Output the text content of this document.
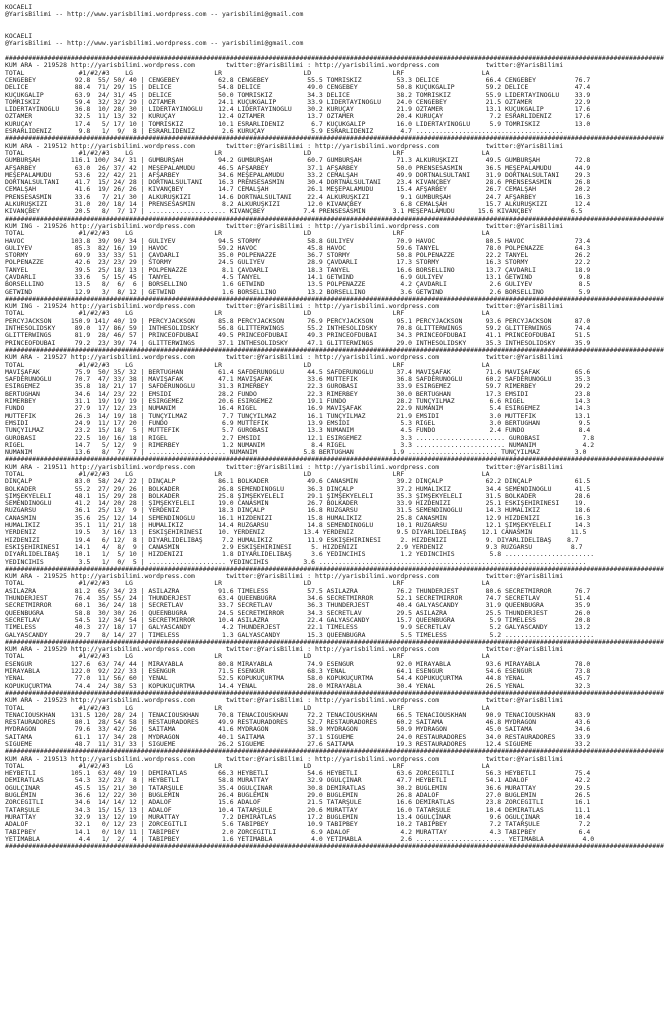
KOCAELİ
@YarisBilimi -- http://www.yarisbilimi.wordpress.com -- yarisbilimi@gmail.com
KOCAELİ
@YarisBilimi -- http://www.yarisbilimi.wordpress.com -- yarisbilimi@gmail.com
##########################################################################################################################################################################
KUM ARA - 219528 http://yarisbilimi.wordpress.com        twitter:@YarisBilimi : http://yarisbilimi.wordpress.com            twitter:@YarisBilimi
TOTAL              #1/#2/#3    LG                     LR                     LD                     LRF                    LA
CENGEBEY          92.8  55/ 50/ 40 | CENGEBEY          62.8 CENGEBEY          55.5 TOMRİSKIZ         53.3 DELİCE            66.4 CENGEBEY          76.7
DELİCE            88.4  71/ 29/ 15 | DELİCE            54.8 DELİCE            49.0 CENGEBEY          50.8 KÜÇÜKGALİP        59.2 DELİCE            47.4
KÜÇÜKGALİP        63.9  24/ 31/ 45 | DELİCE            50.0 TOMRİSKIZ         34.3 DELİCE            38.2 TOMRİSKIZ         55.9 LİDERTAYİNOĞLU    33.9
TOMRİSKIZ         59.4  32/ 32/ 29 | ÖZTAMER           24.1 KÜÇÜKGALİP        33.9 LİDERTAYİNOĞLU    24.0 CENGEBEY          21.5 ÖZTAMER           22.9
LİDERTAYİNOĞLU    36.8  10/ 28/ 30 | LİDERTAYİNOĞLU    12.4 LİDERTAYİNOĞLU    30.2 KURUÇAY           21.9 ÖZTAMER           13.1 KÜÇÜKGALİP        17.6
ÖZTAMER           32.5  11/ 13/ 32 | KURUÇAY           12.4 ÖZTAMER           13.7 ÖZTAMER           20.4 KURUÇAY            7.2 ESRARLİDENİZ      17.6
KURUÇAY           17.4   5/ 17/ 10 | TOMRİSKIZ         10.1 ESRARLİDENİZ       6.7 KÜÇÜKGALİP        16.0 LİDERTAYİNOĞLU     5.9 TOMRİSKIZ         13.0
ESRARLİDENİZ       9.8   1/  9/  8 | ESRARLİDENİZ       2.6 KURUÇAY            5.9 ESRARLİDENİZ       4.7 ......................................
##########################################################################################################################################################################
KUM ARA - 219512 http://yarisbilimi.wordpress.com        twitter:@YarisBilimi : http://yarisbilimi.wordpress.com            twitter:@YarisBilimi
TOTAL              #1/#2/#3    LG                     LR                     LD                     LRF                    LA
GÜMBÜRŞAH        116.1 100/ 34/ 31 | GÜMBÜRŞAH         94.2 GÜMBÜRŞAH         60.7 GÜMBÜRŞAH         71.3 ALKURUŞKIZI       49.5 GÜMBÜRŞAH         72.8
AFŞARBEY          63.0  26/ 37/ 42 | MEŞEPALAMUDU      46.5 AFŞARBEY          37.1 AFŞARBEY          50.0 PRENSESASMİN      36.5 MEŞEPALAMUDU      44.9
MEŞEPALAMUDU      53.6  22/ 42/ 21 | AFŞARBEY          34.6 MEŞEPALAMUDU      33.2 CEMALŞAH          49.9 DÖRTNALSULTANI    31.9 DÖRTNALSULTANI    29.3
DÖRTNALSULTANI    41.7  15/ 24/ 28 | DÖRTNALSULTANI    16.3 PRENSESASMİN      30.4 DÖRTNALSULTANI    23.4 KIVANÇBEY         28.6 PRENSESASMİN      26.8
CEMALŞAH          41.6  19/ 26/ 26 | KIVANÇBEY         14.7 CEMALŞAH          26.1 MEŞEPALAMUDU      15.4 AFŞARBEY          26.7 CEMALŞAH          20.2
PRENSESASMİN      33.6   7/ 21/ 30 | ALKURUŞKIZI       14.6 DÖRTNALSULTANI    22.4 ALKURUŞKIZI        9.1 GÜMBÜRŞAH         24.7 AFŞARBEY          16.3
ALKURUŞKIZI       31.0  20/ 18/ 14 | PRENSESASMİN       8.2 ALKURUŞKIZI       12.0 KIVANÇBEY          6.8 CEMALŞAH          15.7 ALKURUŞKIZI       12.4
KIVANÇBEY         20.5   8/  7/ 17 | .................... KIVANÇBEY          7.4 PRENSESASMİN       3.1 MEŞEPALAMUDU      15.6 KIVANÇBEY          6.5
##########################################################################################################################################################################
KUM ING - 219526 http://yarisbilimi.wordpress.com        twitter:@YarisBilimi : http://yarisbilimi.wordpress.com            twitter:@YarisBilimi
TOTAL              #1/#2/#3    LG                     LR                     LD                     LRF                    LA
HAVOC            103.8  39/ 90/ 34 | GULIYEV           94.5 STORMY            58.8 GULIYEV           70.9 HAVOC             80.5 HAVOC             73.4
GULIYEV           85.3  82/ 16/ 19 | HAVOC             59.2 HAVOC             45.8 HAVOC             59.6 TANYEL            78.0 POLPENAZZE        64.3
STORMY            69.9  33/ 33/ 51 | ÇAVDARLI          35.0 POLPENAZZE        36.7 STORMY            50.8 POLPENAZZE        22.2 TANYEL            26.2
POLPENAZZE        42.6  23/ 23/ 29 | STORMY            24.5 GULIYEV           28.9 ÇAVDARLI          17.3 STORMY            16.3 STORMY            22.2
TANYEL            39.5  25/ 18/ 13 | POLPENAZZE         8.1 ÇAVDARLI          18.3 TANYEL            16.6 BORSELLİNO        13.7 ÇAVDARLI          18.9
ÇAVDARLI          33.6   5/ 15/ 45 | TANYEL             4.5 TANYEL            14.1 GETWIND            6.9 GULIYEV           13.1 GETWIND            9.8
BORSELLİNO        13.5   8/  6/  6 | BORSELLİNO         1.6 GETWIND           13.5 POLPENAZZE         4.2 ÇAVDARLI           2.6 GULIYEV            8.5
GETWIND           12.9   3/  8/ 12 | GETWIND            1.6 BORSELLİNO        13.2 BORSELLİNO         3.6 GETWIND            2.6 BORSELLİNO         5.9
##########################################################################################################################################################################
KUM ING - 219524 http://yarisbilimi.wordpress.com        twitter:@YarisBilimi : http://yarisbilimi.wordpress.com            twitter:@YarisBilimi
TOTAL              #1/#2/#3    LG                     LR                     LD                     LRF                    LA
PERCYJACKSON     150.9 141/ 40/ 19 | PERCYJACKSON      85.8 PERCYJACKSON      76.9 PERCYJACKSON      95.1 PERCYJACKSON      93.6 PERCYJACKSON      87.0
INTHESOLIDSKY     89.0  17/ 86/ 59 | INTHESOLIDSKY     56.8 GLITTERWINGS      55.2 INTHESOLIDSKY     70.8 GLITTERWINGS      59.2 GLITTERWINGS      74.4
GLITTERWINGS      81.9  28/ 46/ 57 | PRINCEOFDUBAI     49.5 PRINCEOFDUBAI     49.3 PRINCEOFDUBAI     34.3 PRINCEOFDUBAI     41.1 PRINCEOFDUBAI     51.5
PRINCEOFDUBAI     79.2  23/ 39/ 74 | GLITTERWINGS      37.1 INTHESOLIDSKY     47.1 GLITTERWINGS      29.0 INTHESOLIDSKY     35.3 INTHESOLIDSKY     35.9
##########################################################################################################################################################################
KUM ARA - 219527 http://yarisbilimi.wordpress.com        twitter:@YarisBilimi : http://yarisbilimi.wordpress.com            twitter:@YarisBilimi
TOTAL              #1/#2/#3    LG                     LR                     LD                     LRF                    LA
MAVİŞAFAK         75.9  50/ 35/ 32 | BERTUĞHAN         61.4 SAFDERUNOĞLU      44.5 SAFDERUNOĞLU      37.4 MAVİŞAFAK         71.6 MAVİŞAFAK         65.6
SAFDERUNOĞLU      70.7  47/ 33/ 38 | MAVİŞAFAK         47.1 MAVİŞAFAK         33.6 MÜTTEFİK          36.8 SAFDERUNOĞLU      60.2 SAFDERUNOĞLU      35.3
ESİRGEMEZ         35.8  18/ 21/ 17 | SAFDERUNOĞLU      31.3 RİMERBEY          22.3 GÜROBASI          33.9 ESİRGEMEZ         59.7 RİMERBEY          29.2
BERTUĞHAN         34.6  14/ 23/ 22 | EMSİDİ            28.2 FUNDO             22.3 RİMERBEY          30.0 BERTUĞHAN         17.3 EMSİDİ            23.8
RİMERBEY          31.1  19/ 19/ 19 | ESİRGEMEZ         20.6 ESİRGEMEZ         19.1 FUNDO             28.2 TUNÇYILMAZ         6.6 RİGEL             14.3
FUNDO             27.9  17/ 12/ 23 | NUMANIM           16.4 RİGEL             16.9 MAVİŞAFAK         22.9 NUMANIM            5.4 ESİRGEMEZ         14.3
MÜTTEFİK          26.3  14/ 19/ 18 | TUNÇYILMAZ         7.7 TUNÇYILMAZ        16.1 TUNÇYILMAZ        21.9 EMSİDİ             3.0 MÜTTEFİK          13.1
EMSİDİ            24.9  11/ 17/ 20 | FUNDO              6.9 MÜTTEFİK          13.9 EMSİDİ             5.3 RİGEL              3.0 BERTUĞHAN          9.5
TUNÇYILMAZ        23.2  15/ 18/  5 | MÜTTEFİK           5.7 GÜROBASI          13.3 NUMANIM            4.5 FUNDO              2.4 FUNDO              8.4
GÜROBASI          22.5  10/ 16/ 18 | RİGEL              2.7 EMSİDİ            12.1 ESİRGEMEZ          3.3 ....................... GÜROBASI           7.8
RİGEL             14.7   5/ 12/  9 | RİMERBEY           1.2 NUMANIM            8.4 RİGEL              3.3 ....................... NUMANIM            4.2
NUMANIM           13.6   8/  7/  7 | .................... NUMANIM            5.8 BERTUĞHAN          1.9 ....................... TUNÇYILMAZ         3.0
##########################################################################################################################################################################
KUM ARA - 219511 http://yarisbilimi.wordpress.com        twitter:@YarisBilimi : http://yarisbilimi.wordpress.com            twitter:@YarisBilimi
TOTAL              #1/#2/#3    LG                     LR                     LD                     LRF                    LA
DİNÇALP           83.0  58/ 24/ 22 | DİNÇALP           86.1 BOLKADER          49.6 CANASMİN          39.2 DİNÇALP           62.2 DİNÇALP           61.5
BOLKADER          55.2  27/ 29/ 26 | BOLKADER          26.8 SEMENDİNOĞLU      36.3 DİNÇALP           37.2 HÜMALİKIZ         34.4 SEMENDİNOĞLU      41.5
ŞİMŞEKYELELİ      48.1  15/ 29/ 28 | BOLKADER          25.8 ŞİMŞEKYELELİ      29.1 ŞİMŞEKYELELİ      35.3 ŞİMŞEKYELELİ      31.5 BOLKADER          28.6
SEMENDİNOĞLU      41.2  14/ 20/ 28 | ŞİMŞEKYELELİ      19.0 CANASMİN          26.7 BOLKADER          33.9 HIZDENİZİ         25.1 ESKİŞEHİRİNESİ    19.
RÜZGARSU          36.1  25/ 13/  9 | YERDENİZ          18.3 DİNÇALP           16.8 RÜZGARSU          31.5 SEMENDİNOĞLU      14.3 HÜMALİKIZ         18.6
CANASMİN          35.6  25/ 12/ 14 | SEMENDİNOĞLU      16.1 HIZDENİZİ         15.8 HÜMALİKIZ         25.8 CANASMİN          12.9 HIZDENİZİ         16.3
HÜMALİKIZ         35.1  11/ 21/ 18 | HÜMALİKIZ         14.4 RÜZGARSU          14.8 SEMENDİNOĞLU      10.1 RÜZGARSU          12.1 ŞİMŞEKYELELİ      14.3
YERDENİZ          19.5   3/ 16/ 13 | ESKİŞEHİRİNESİ    10. YERDENİZ          13.4 YERDENİZ           9.5 DİYARLIDELİBAŞ    12.1 CANASMİN          11.5
HIZDENİZİ         19.4   6/ 12/  8 | DİYARLIDELİBAŞ     7.2 HÜMALİKIZ         11.9 ESKİŞEHİRİNESİ     2. HIZDENİZİ          9. DİYARLIDELİBAŞ    8.7
ESKİŞEHİRİNESİ    14.1   4/  8/  9 | CANASMİN           2.9 ESKİŞEHİRİNESİ     5. HIZDENİZİ          2.9 YERDENİZ           9.3 RÜZGARSU          8.7
DİYARLIDELİBAŞ    10.1   1/  5/ 10 | HIZDENİZİ          1.8 DİYARLIDELİBAŞ     3.6 YEDİNCİHİS         1.2 YEDİNCİHİS         5.8 .......................
YEDİNCİHİS         3.5   1/  0/  5 | .................... YEDİNCİHİS         3.6 .....................................................................
##########################################################################################################################################################################
KUM ARA - 219525 http://yarisbilimi.wordpress.com        twitter:@YarisBilimi : http://yarisbilimi.wordpress.com            twitter:@YarisBilimi
TOTAL              #1/#2/#3    LG                     LR                     LD                     LRF                    LA
ASİLAZRA          81.2  65/ 34/ 23 | ASİLAZRA          91.6 TIMELESS          57.5 ASİLAZRA          76.2 THUNDERJEST       80.6 SECRETMIRROR      76.7
THUNDERJEST       76.4  35/ 55/ 24 | THUNDERJEST       63.4 QUEENBUĞRA        34.6 SECRETMIRROR      52.1 SECRETMIRROR      74.7 SECRETLAV         51.4
SECRETMIRROR      60.1  36/ 24/ 18 | SECRETLAV         33.7 SECRETLAV         36.3 THUNDERJEST       40.4 GALYASCANDY       31.9 QUEENBUĞRA        35.9
QUEENBUĞRA        58.8  30/ 30/ 26 | QUEENBUĞRA        24.5 SECRETMIRROR      34.3 SECRETLAV         29.5 ASİLAZRA          25.5 THUNDERJEST       26.0
SECRETLAV         54.5  12/ 34/ 54 | SECRETMIRROR      10.4 ASİLAZRA          22.4 GALYASCANDY       15.7 QUEENBUĞRA         5.9 TIMELESS          20.8
TIMELESS          40.3  27/ 18/ 17 | GALYASCANDY        4.2 THUNDERJEST       22.1 TIMELESS           9.9 SECRETLAV          5.2 GALYASCANDY       13.2
GALYASCANDY       29.7   8/ 14/ 27 | TIMELESS           1.3 GALYASCANDY       15.3 QUEENBUĞRA         5.5 TIMELESS           5.2 .......................
##########################################################################################################################################################################
KUM ARA - 219529 http://yarisbilimi.wordpress.com        twitter:@YarisBilimi : http://yarisbilimi.wordpress.com            twitter:@YarisBilimi
TOTAL              #1/#2/#3    LG                     LR                     LD                     LRF                    LA
ESENGÜR          127.6  63/ 74/ 44 | MİRAYABLA         80.8 MİRAYABLA         74.9 ESENGÜR           92.0 MİRAYABLA         93.6 MİRAYABLA         78.0
MİRAYABLA        122.0  92/ 22/ 33 | ESENGÜR           71.5 ESENGÜR           68.3 YENAL             64.1 ESENGÜR           54.6 ESENGÜR           73.8
YENAL             77.0  11/ 56/ 60 | YENAL             52.5 KOPUKUÇURTMA      58.0 KOPUKUÇURTMA      54.4 KOPUKUÇURTMA      44.8 YENAL             45.7
KOPUKUÇURTMA      74.4  24/ 38/ 53 | KOPUKUÇURTMA      14.4 YENAL             28.0 MİRAYABLA         30.4 YENAL             26.5 YENAL             32.3
##########################################################################################################################################################################
KUM ARA - 219523 http://yarisbilimi.wordpress.com        twitter:@YarisBilimi : http://yarisbilimi.wordpress.com            twitter:@YarisBilimi
TOTAL              #1/#2/#3    LG                     LR                     LD                     LRF                    LA
TENACIOUSKHAN    131.5 120/ 28/ 24 | TENACIOUSKHAN     70.8 TENACIOUSKHAN     72.2 TENACIOUSKHAN     66.5 TENACIOUSKHAN     90.9 TENACIOUSKHAN     83.9
RESTAURADORES     80.1  28/ 54/ 58 | RESTAURADORES     49.9 RESTAURADORES     52.7 RESTAURADORES     60.2 SAİTAMA           46.8 MYDRAGON          43.6
MYDRAGON          79.6  33/ 42/ 26 | SAİTAMA           41.6 MYDRAGON          38.9 MYDRAGON          50.9 MYDRAGON          45.0 SAİTAMA           34.6
SAİTAMA           61.1  17/ 34/ 28 | MYDRAGON          40.1 SAİTAMA           37.1 SIGUEME           24.0 RESTAURADORES     34.0 RESTAURADORES     33.9
SIGUEME           48.7  11/ 31/ 33 | SIGUEME           26.2 SIGUEME           27.6 SAİTAMA           19.3 RESTAURADORES     12.4 SIGUEME           33.2
##########################################################################################################################################################################
KUM ARA - 219513 http://yarisbilimi.wordpress.com        twitter:@YarisBilimi : http://yarisbilimi.wordpress.com            twitter:@YarisBilimi
TOTAL              #1/#2/#3    LG                     LR                     LD                     LRF                    LA
HEYBETLİ         105.1  63/ 40/ 19 | DEMİRATLAS        66.3 HEYBETLİ          54.6 HEYBETLİ          63.6 ZORCEĞİTLİ        56.3 HEYBETLİ          75.4
DEMİRATLAS        54.3  32/ 23/  8 | HEYBETLİ          58.8 MURATTAY          32.9 OĞULÇINAR         47.7 HEYBETLİ          54.1 ADALOF            42.2
OĞULÇINAR         45.5  15/ 21/ 30 | TATARŞULE         35.4 OĞULÇINAR         30.8 DEMİRATLAS        30.2 BUĞLEMİN          36.6 MURATTAY          29.5
BUĞLEMİN          36.6  12/ 22/ 30 | BUĞLEMİN          26.4 BUĞLEMİN          29.0 BUĞLEMİN          26.8 ADALOF            27.0 BUĞLEMİN          26.5
ZORCEĞİTLİ        34.6  14/ 14/ 12 | ADALOF            15.6 ADALOF            21.5 TATARŞULE         16.6 DEMİRATLAS        23.8 ZORCEĞİTLİ        16.1
TATARŞULE         34.3  15/ 15/ 13 | ADALOF            10.4 TATARŞULE         20.6 MURATTAY          16.0 TATARŞULE         10.4 DEMİRATLAS        11.1
MURATTAY          32.9  13/ 12/ 19 | MURATTAY           7.2 DEMİRATLAS        17.2 BUĞLEMİN          13.4 OĞULÇINAR          9.6 OĞULÇINAR         10.4
ADALOF            32.1   0/ 12/ 23 | ZORCEĞİTLİ         5.6 TABIPBEY          10.9 TABIPBEY          10.2 TABIPBEY           7.2 TATARŞULE          7.2
TABIPBEY          14.1   0/ 10/ 11 | TABIPBEY           2.0 ZORCEĞİTLİ         6.9 ADALOF             4.2 MURATTAY           4.3 TABIPBEY           6.4
YETİMABLA          4.4   1/  2/  4 | TABIPBEY           1.6 YETİMABLA          4.0 YETİMABLA          2.6 ....................... YETİMABLA          4.0
##########################################################################################################################################################################
